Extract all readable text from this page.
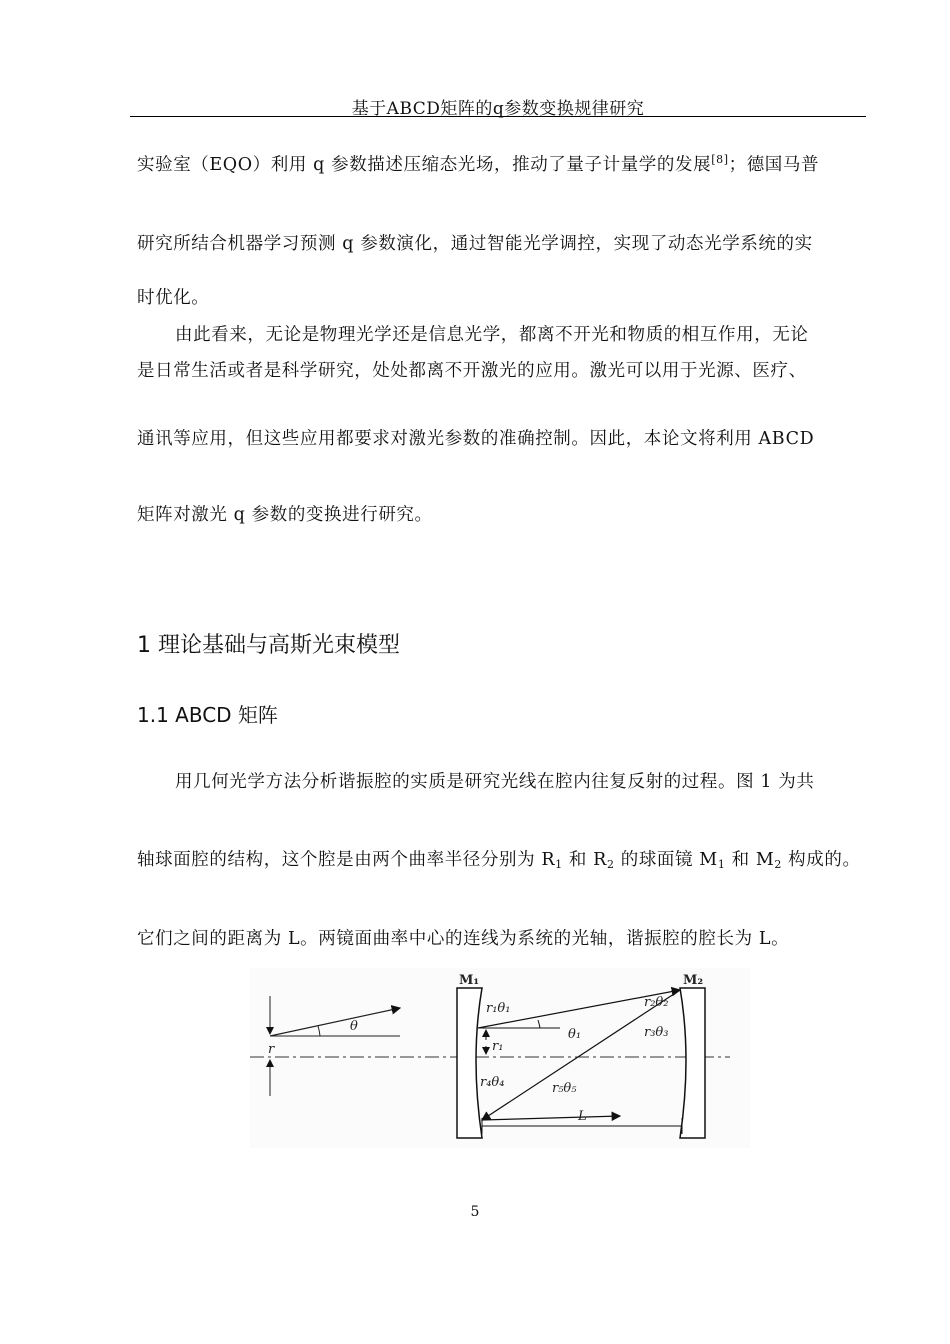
基于ABCD矩阵的q参数变换规律研究
实验室（EQO）利用 q 参数描述压缩态光场，推动了量子计量学的发展[8]；德国马普
研究所结合机器学习预测 q 参数演化，通过智能光学调控，实现了动态光学系统的实
时优化。
由此看来，无论是物理光学还是信息光学，都离不开光和物质的相互作用，无论
是日常生活或者是科学研究，处处都离不开激光的应用。激光可以用于光源、医疗、
通讯等应用，但这些应用都要求对激光参数的准确控制。因此，本论文将利用 ABCD
矩阵对激光 q 参数的变换进行研究。
1 理论基础与高斯光束模型
1.1 ABCD 矩阵
用几何光学方法分析谐振腔的实质是研究光线在腔内往复反射的过程。图 1 为共
轴球面腔的结构，这个腔是由两个曲率半径分别为 $R_1$ 和 $R_2$ 的球面镜 $M_1$ 和 $M_2$ 构成的。
它们之间的距离为 L。两镜面曲率中心的连线为系统的光轴，谐振腔的腔长为 L。
θ
r
M₁	M₂
r₁θ₁
θ₁
r₁
r₂θ₂
r₃θ₃
r₄θ₄	r₅θ₅
L
5
